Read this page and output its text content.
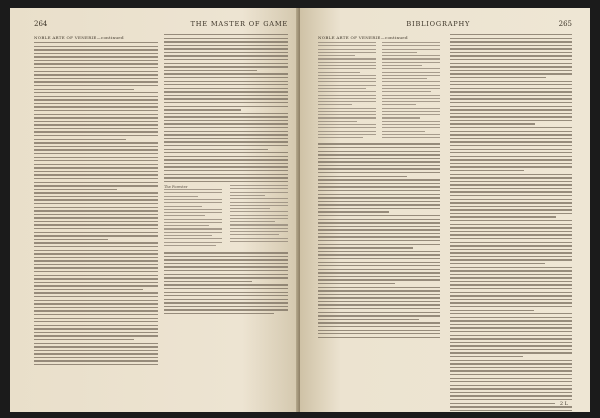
264	THE MASTER OF GAME
NOBLE ARTE OF VENERIE—continued
The Forester
BIBLIOGRAPHY	265
NOBLE ARTE OF VENERIE—continued
2 L
